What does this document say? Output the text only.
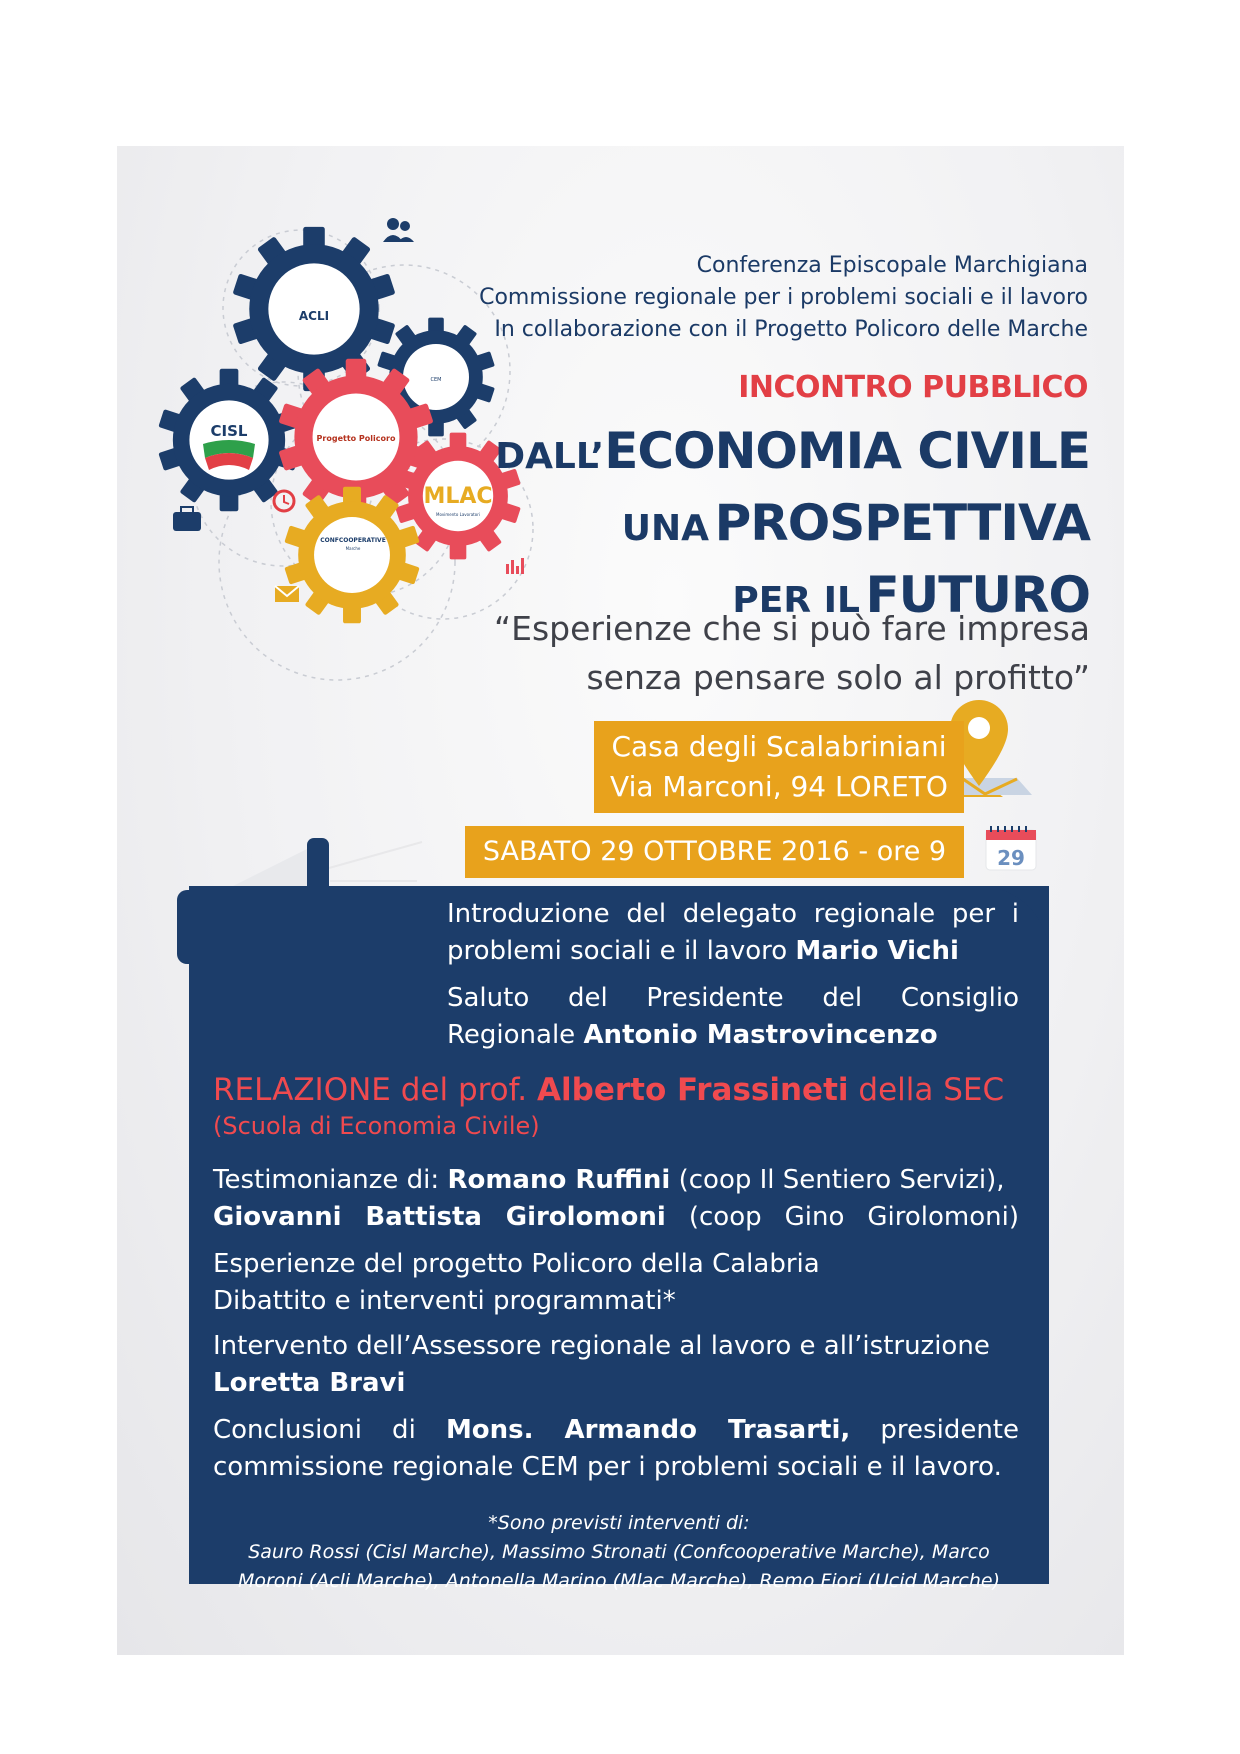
ACLI
CEM
CISL	Progetto Policoro
MLAC
Movimento Lavoratori
CONFCOOPERATIVE
Marche
29
Conferenza Episcopale Marchigiana
Commissione regionale per i problemi sociali e il lavoro
In collaborazione con il Progetto Policoro delle Marche
INCONTRO PUBBLICO
DALL’ECONOMIA CIVILE
UNA PROSPETTIVA
PER IL FUTURO
“Esperienze che si può fare impresa
senza pensare solo al profitto”
Casa degli Scalabriniani
Via Marconi, 94 LORETO
SABATO 29 OTTOBRE 2016 - ore 9
Introduzione del delegato regionale per i
problemi sociali e il lavoro Mario Vichi
Saluto del Presidente del Consiglio
Regionale Antonio Mastrovincenzo
RELAZIONE del prof. Alberto Frassineti della SEC
(Scuola di Economia Civile)
Testimonianze di: Romano Ruffini (coop Il Sentiero Servizi),
Giovanni Battista Girolomoni (coop Gino Girolomoni)
Esperienze del progetto Policoro della Calabria
Dibattito e interventi programmati*
Intervento dell’Assessore regionale al lavoro e all’istruzione
Loretta Bravi
Conclusioni di Mons. Armando Trasarti, presidente
commissione regionale CEM per i problemi sociali e il lavoro.
*Sono previsti interventi di:
Sauro Rossi (Cisl Marche), Massimo Stronati (Confcooperative Marche), Marco
Moroni (Acli Marche), Antonella Marino (Mlac Marche), Remo Fiori (Ucid Marche)
